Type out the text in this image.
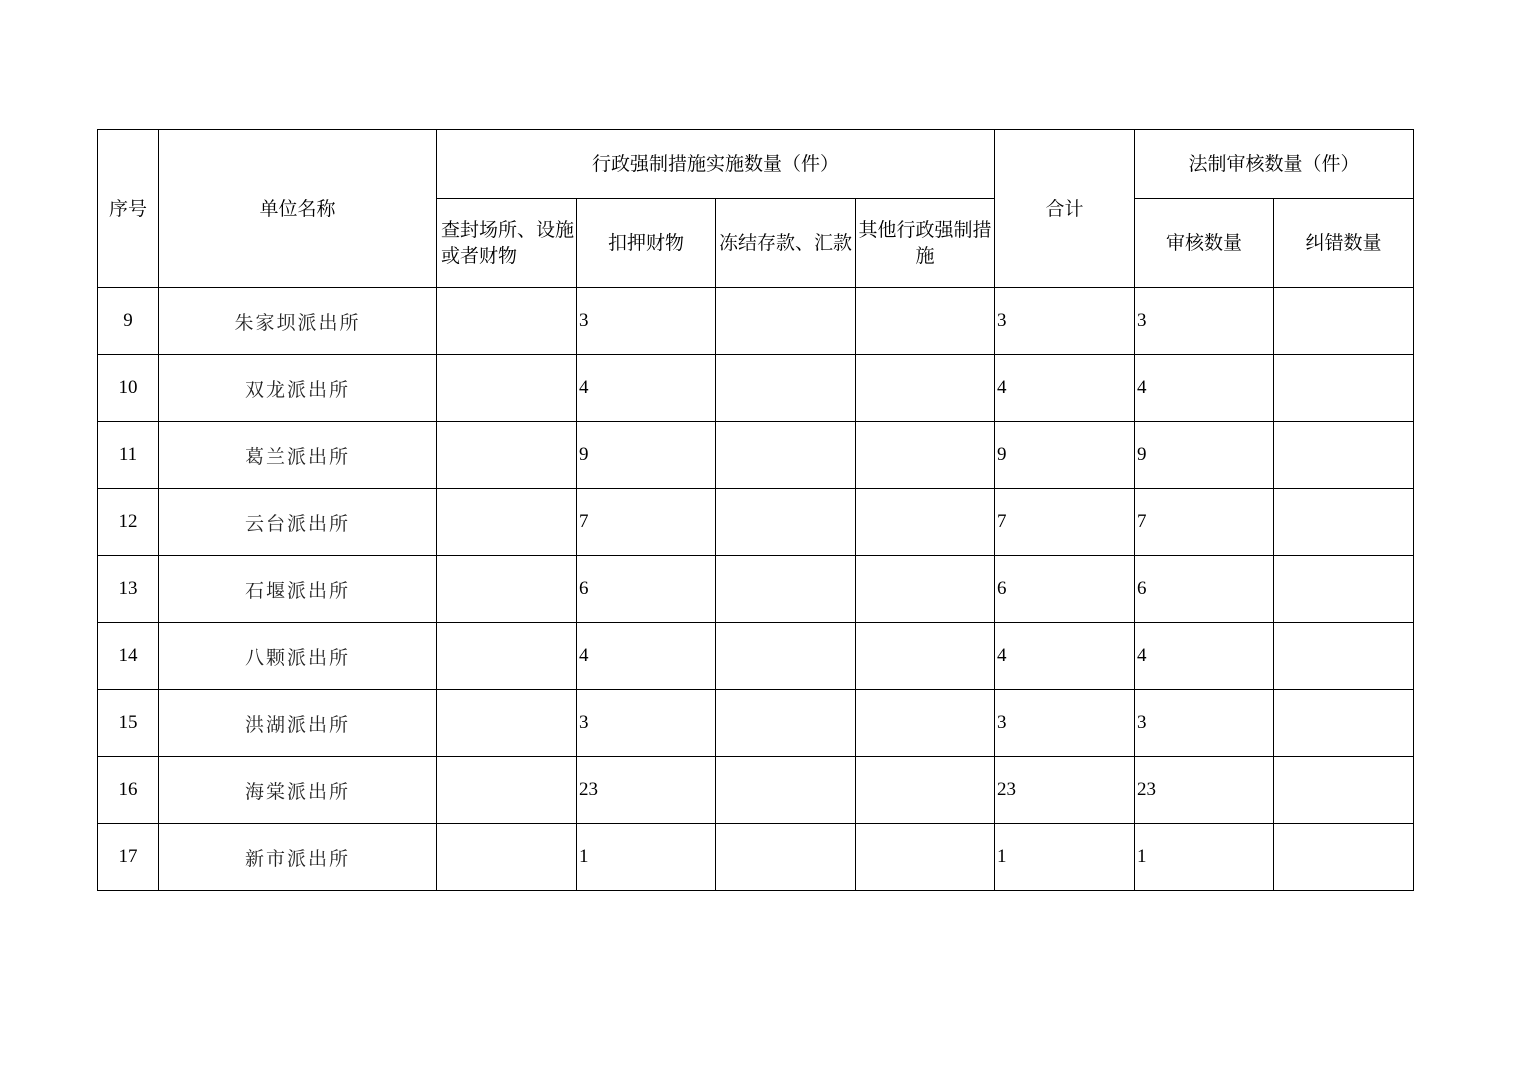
序号	单位名称	行政强制措施实施数量（件）				合计	法制审核数量（件）	
		查封场所、设施或者财物	扣押财物	冻结存款、汇款	其他行政强制措施		审核数量	纠错数量
9	朱家坝派出所		3			3	3	
10	双龙派出所		4			4	4	
11	葛兰派出所		9			9	9	
12	云台派出所		7			7	7	
13	石堰派出所		6			6	6	
14	八颗派出所		4			4	4	
15	洪湖派出所		3			3	3	
16	海棠派出所		23			23	23	
17	新市派出所		1			1	1	
